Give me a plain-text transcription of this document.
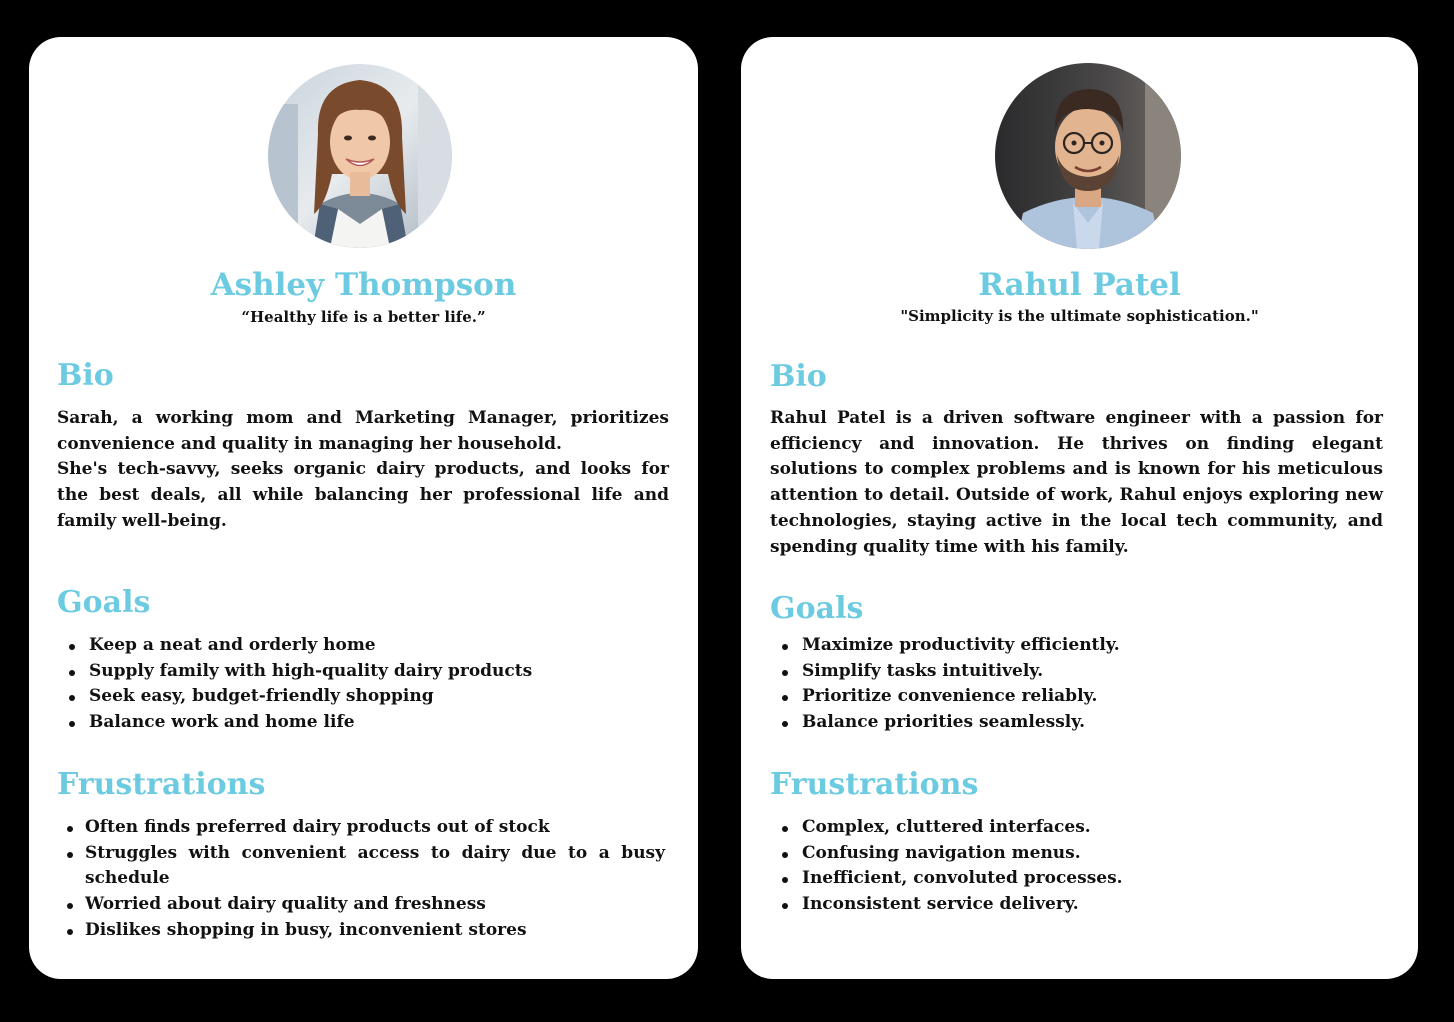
Ashley Thompson

“Healthy life is a better life.”

Bio
Sarah, a working mom and Marketing Manager, prioritizes convenience and quality in managing her household.
She's tech-savvy, seeks organic dairy products, and looks for the best deals, all while balancing her professional life and family well-being.
Goals
Keep a neat and orderly home
Supply family with high-quality dairy products
Seek easy, budget-friendly shopping
Balance work and home life
Frustrations
Often finds preferred dairy products out of stock
Struggles with convenient access to dairy due to a busy schedule
Worried about dairy quality and freshness
Dislikes shopping in busy, inconvenient stores
Rahul Patel

"Simplicity is the ultimate sophistication."

Bio
Rahul Patel is a driven software engineer with a passion for efficiency and innovation. He thrives on finding elegant solutions to complex problems and is known for his meticulous attention to detail. Outside of work, Rahul enjoys exploring new technologies, staying active in the local tech community, and spending quality time with his family.
Goals
Maximize productivity efficiently.
Simplify tasks intuitively.
Prioritize convenience reliably.
Balance priorities seamlessly.
Frustrations
Complex, cluttered interfaces.
Confusing navigation menus.
Inefficient, convoluted processes.
Inconsistent service delivery.
